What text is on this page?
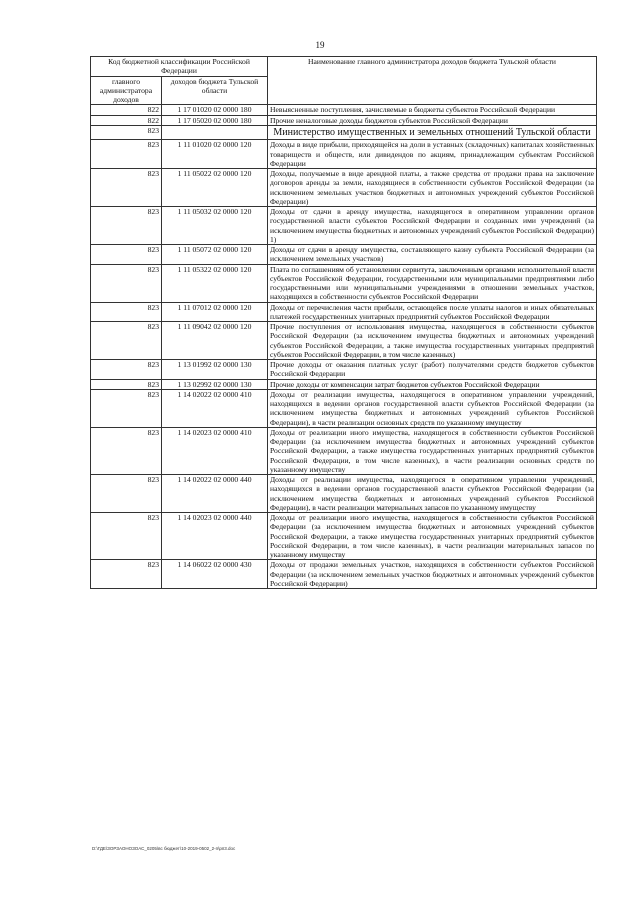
19
Код бюджетной классификации Российской Федерации		Наименование главного администратора доходов бюджета Тульской области
главного администратора доходов	доходов бюджета Тульской области	
822	1 17 01020 02 0000 180	Невыясненные поступления, зачисляемые в бюджеты субъектов Российской Федерации
822	1 17 05020 02 0000 180	Прочие неналоговые доходы бюджетов субъектов Российской Федерации
823		Министерство имущественных и земельных отношений Тульской области
823	1 11 01020 02 0000 120	Доходы в виде прибыли, приходящейся на доли в уставных (складочных) капиталах хозяйственных товариществ и обществ, или дивидендов по акциям, принадлежащим субъектам Российской Федерации
823	1 11 05022 02 0000 120	Доходы, получаемые в виде арендной платы, а также средства от продажи права на заключение договоров аренды за земли, находящиеся в собственности субъектов Российской Федерации (за исключением земельных участков бюджетных и автономных учреждений субъектов Российской Федерации)
823	1 11 05032 02 0000 120	Доходы от сдачи в аренду имущества, находящегося в оперативном управлении органов государственной власти субъектов Российской Федерации и созданных ими учреждений (за исключением имущества бюджетных и автономных учреждений субъектов Российской Федерации) 1)
823	1 11 05072 02 0000 120	Доходы от сдачи в аренду имущества, составляющего казну субъекта Российской Федерации (за исключением земельных участков)
823	1 11 05322 02 0000 120	Плата по соглашениям об установлении сервитута, заключенным органами исполнительной власти субъектов Российской Федерации, государственными или муниципальными предприятиями либо государственными или муниципальными учреждениями в отношении земельных участков, находящихся в собственности субъектов Российской Федерации
823	1 11 07012 02 0000 120	Доходы от перечисления части прибыли, остающейся после уплаты налогов и иных обязательных платежей государственных унитарных предприятий субъектов Российской Федерации
823	1 11 09042 02 0000 120	Прочие поступления от использования имущества, находящегося в собственности субъектов Российской Федерации (за исключением имущества бюджетных и автономных учреждений субъектов Российской Федерации, а также имущества государственных унитарных предприятий субъектов Российской Федерации, в том числе казенных)
823	1 13 01992 02 0000 130	Прочие доходы от оказания платных услуг (работ) получателями средств бюджетов субъектов Российской Федерации
823	1 13 02992 02 0000 130	Прочие доходы от компенсации затрат бюджетов субъектов Российской Федерации
823	1 14 02022 02 0000 410	Доходы от реализации имущества, находящегося в оперативном управлении учреждений, находящихся в ведении органов государственной власти субъектов Российской Федерации (за исключением имущества бюджетных и автономных учреждений субъектов Российской Федерации), в части реализации основных средств по указанному имуществу
823	1 14 02023 02 0000 410	Доходы от реализации иного имущества, находящегося в собственности субъектов Российской Федерации (за исключением имущества бюджетных и автономных учреждений субъектов Российской Федерации, а также имущества государственных унитарных предприятий субъектов Российской Федерации, в том числе казенных), в части реализации основных средств по указанному имуществу
823	1 14 02022 02 0000 440	Доходы от реализации имущества, находящегося в оперативном управлении учреждений, находящихся в ведении органов государственной власти субъектов Российской Федерации (за исключением имущества бюджетных и автономных учреждений субъектов Российской Федерации), в части реализации материальных запасов по указанному имуществу
823	1 14 02023 02 0000 440	Доходы от реализации иного имущества, находящегося в собственности субъектов Российской Федерации (за исключением имущества бюджетных и автономных учреждений субъектов Российской Федерации, а также имущества государственных унитарных предприятий субъектов Российской Федерации, в том числе казенных), в части реализации материальных запасов по указанному имуществу
823	1 14 06022 02 0000 430	Доходы от продажи земельных участков, находящихся в собственности субъектов Российской Федерации (за исключением земельных участков бюджетных и автономных учреждений субъектов Российской Федерации)
D:\ГДЕ\ЗОРЗАОНОЗОАС_0205\вс бюджет\10-2019-0502_2-п\рп3.doc
